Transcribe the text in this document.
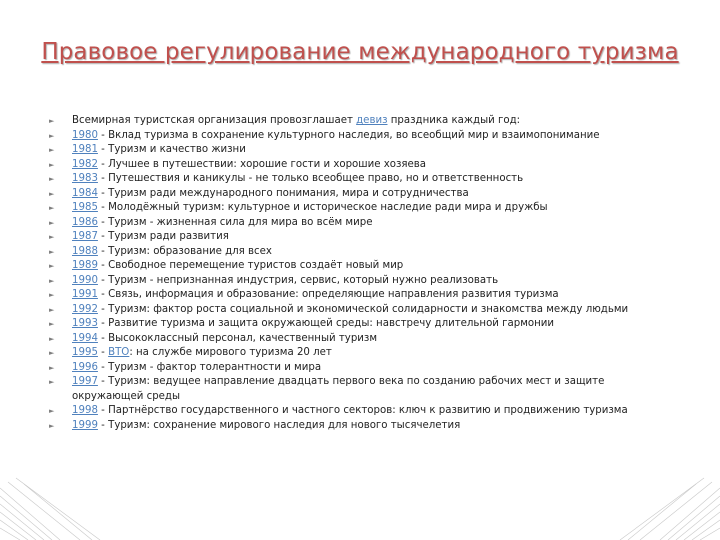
Правовое регулирование международного туризма
►	Всемирная туристская организация провозглашает девиз праздника каждый год:
►	1980 - Вклад туризма в сохранение культурного наследия, во всеобщий мир и взаимопонимание
►	1981 - Туризм и качество жизни
►	1982 - Лучшее в путешествии: хорошие гости и хорошие хозяева
►	1983 - Путешествия и каникулы - не только всеобщее право, но и ответственность
►	1984 - Туризм ради международного понимания, мира и сотрудничества
►	1985 - Молодёжный туризм: культурное и историческое наследие ради мира и дружбы
►	1986 - Туризм - жизненная сила для мира во всём мире
►	1987 - Туризм ради развития
►	1988 - Туризм: образование для всех
►	1989 - Свободное перемещение туристов создаёт новый мир
►	1990 - Туризм - непризнанная индустрия, сервис, который нужно реализовать
►	1991 - Связь, информация и образование: определяющие направления развития туризма
►	1992 - Туризм: фактор роста социальной и экономической солидарности и знакомства между людьми
►	1993 - Развитие туризма и защита окружающей среды: навстречу длительной гармонии
►	1994 - Высококлассный персонал, качественный туризм
►	1995 - ВТО: на службе мирового туризма 20 лет
►	1996 - Туризм - фактор толерантности и мира
►	1997 - Туризм: ведущее направление двадцать первого века по созданию рабочих мест и защите окружающей среды
►	1998 - Партнёрство государственного и частного секторов: ключ к развитию и продвижению туризма
►	1999 - Туризм: сохранение мирового наследия для нового тысячелетия
